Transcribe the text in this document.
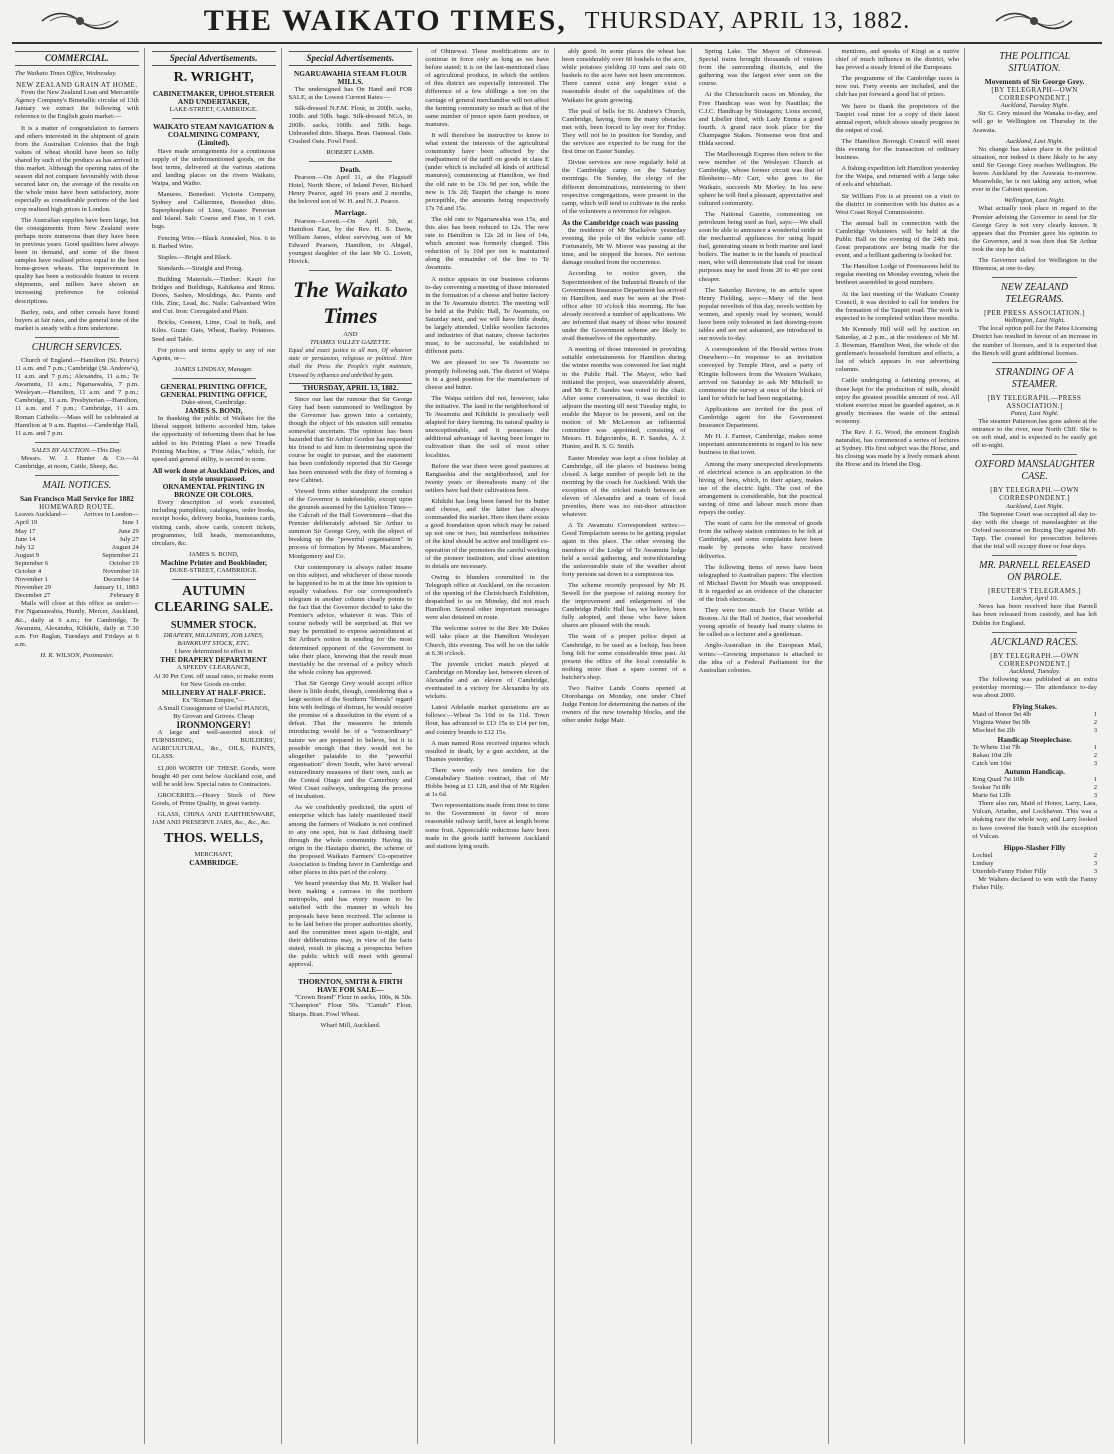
THE WAIKATO TIMES, THURSDAY, APRIL 13, 1882.
COMMERCIAL.
The Waikato Times Office, Wednesday.
NEW ZEALAND GRAIN AT HOME.

From the New Zealand Loan and Mercantile Agency Company's Bimetallic circular of 13th January we extract the following with reference to the English grain market:—

It is a matter of congratulation to farmers and others interested in the shipment of grain from the Australian Colonies that the high values of wheat should have been so fully shared by such of the produce as has arrived in this market. Although the opening rates of the season did not compare favourably with those secured later on, the average of the results on the whole must have been satisfactory, more especially as considerable portions of the last crop realized high prices in London.

The Australian supplies have been large, but the consignments from New Zealand were perhaps more numerous than they have been in previous years. Good qualities have always been in demand, and some of the finest samples have realised prices equal to the best home-grown wheats. The improvement in quality has been a noticeable feature in recent shipments, and millers have shown an increasing preference for colonial descriptions.

Barley, oats, and other cereals have found buyers at fair rates, and the general tone of the market is steady with a firm undertone.

CHURCH SERVICES.

Church of England.—Hamilton (St. Peter's) 11 a.m. and 7 p.m.; Cambridge (St. Andrew's), 11 a.m. and 7 p.m.; Alexandra, 11 a.m.; Te Awamutu, 11 a.m.; Ngaruawahia, 7 p.m. Wesleyan.—Hamilton, 11 a.m. and 7 p.m.; Cambridge, 11 a.m. Presbyterian.—Hamilton, 11 a.m. and 7 p.m.; Cambridge, 11 a.m. Roman Catholic.—Mass will be celebrated at Hamilton at 9 a.m. Baptist.—Cambridge Hall, 11 a.m. and 7 p.m.

SALES BY AUCTION.—This Day.

Messrs. W. J. Hunter & Co.—At Cambridge, at noon, Cattle, Sheep, &c.

MAIL NOTICES.
San Francisco Mail Service for 1882
HOMEWARD ROUTE.
Leaves Auckland— Arrives in London—
April 19	June 1
May 17	June 29
June 14	July 27
July 12	August 24
August 9	September 21
September 6	October 19
October 4	November 16
November 1	December 14
November 29	January 11, 1883
December 27	February 8

Mails will close at this office as under:—For Ngaruawahia, Huntly, Mercer, Auckland, &c., daily at 6 a.m.; for Cambridge, Te Awamutu, Alexandra, Kihikihi, daily at 7.30 a.m. For Raglan, Tuesdays and Fridays at 6 a.m.

H. R. WILSON, Postmaster.
Special Advertisements.
R. WRIGHT,
CABINETMAKER, UPHOLSTERER AND UNDERTAKER,
LAKE-STREET, CAMBRIDGE.
WAIKATO STEAM NAVIGATION & COALMINING COMPANY, (Limited).

Have made arrangements for a continuous supply of the undermentioned goods, on the best terms, delivered at the various stations and landing places on the rivers Waikato, Waipa, and Waiho.

Manures. Bonedust: Victoria Company, Sydney and Calltermen, Bonedust ditto. Superphosphate of Lime, Guano: Peruvian and Island. Salt: Coarse and Fine, in 1 cwt. bags.

Fencing Wire.—Black Annealed, Nos. 6 to 8. Barbed Wire.

Staples.—Bright and Black.

Standards.—Straight and Prong.

Building Materials.—Timber: Kauri for Bridges and Buildings, Kahikatea and Rimu. Doors, Sashes, Mouldings, &c. Paints and Oils. Zinc, Lead, &c. Nails: Galvanised Wire and Cut. Iron: Corrugated and Plain.

Bricks, Cement, Lime, Coal in bulk, and Kilns. Grain: Oats, Wheat, Barley. Potatoes. Seed and Table.

For prices and terms apply to any of our Agents, or—

JAMES LINDSAY, Manager.
GENERAL PRINTING OFFICE, GENERAL PRINTING OFFICE,
Duke-street, Cambridge.
JAMES S. BOND,

In thanking the public of Waikato for the liberal support hitherto accorded him, takes the opportunity of informing them that he has added to his Printing Plant a new Treadle Printing Machine, a "Fine Atlas," which, for speed and general utility, is second to none.

All work done at Auckland Prices, and in style unsurpassed.
ORNAMENTAL PRINTING IN BRONZE OR COLORS.

Every description of work executed, including pamphlets, catalogues, order books, receipt books, delivery books, business cards, visiting cards, show cards, concert tickets, programmes, bill heads, memorandums, circulars, &c.

JAMES S. BOND,
Machine Printer and Bookbinder,
DUKE-STREET, CAMBRIDGE.
AUTUMN CLEARING SALE.
SUMMER STOCK.
DRAPERY, MILLINERY, JOB LINES, BANKRUPT STOCK, ETC.
I have determined to effect in
THE DRAPERY DEPARTMENT
A SPEEDY CLEARANCE,
At 30 Per Cent. off usual rates, to make room for New Goods on order.
MILLINERY AT HALF-PRICE.
Ex "Roman Empire,"—
A Small Consignment of Useful PIANOS,
By Grovan and Groves. Cheap
IRONMONGERY!

A large and well-assorted stock of FURNISHING, BUILDERS', AGRICULTURAL, &c., OILS, PAINTS, GLASS.

£1,000 WORTH OF THESE Goods, were bought 40 per cent below Auckland cost, and will be sold low. Special rates to Contractors.

GROCERIES.—Heavy Stock of New Goods, of Prime Quality, in great variety.

GLASS, CHINA AND EARTHENWARE, JAM AND PRESERVE JARS, &c., &c., &c.

THOS. WELLS,
MERCHANT,
CAMBRIDGE.
Special Advertisements.
NGARUAWAHIA STEAM FLOUR MILLS.

The undersigned has On Hand and FOR SALE, at the Lowest Current Rates:—

Silk-dressed N.F.M. Flour, in 200lb. sacks, 100lb. and 50lb. bags. Silk-dressed NGA, in 200lb. sacks, 100lb. and 50lb. bags. Unbranded ditto. Sharps. Bran. Oatmeal. Oats. Crushed Oats. Fowl Feed.

ROBERT LAMB.
Death.

Pearson.—On April 11, at the Flagstaff Hotel, North Shore, of Inland Fever, Richard Henry Pearce, aged 16 years and 2 months, the beloved son of W. H. and N. J. Pearce.

Marriage.

Pearson—Lovett.—On April 5th, at Hamilton East, by the Rev. H. S. Davis, William James, eldest surviving son of Mr Edward Pearson, Hamilton, to Abigail, youngest daughter of the late Mr G. Lovett, Hovick.

The Waikato Times
AND
THAMES VALLEY GAZETTE.
Equal and exact justice to all men, Of whatever state or persuasion, religious or political. Here shall the Press the People's right maintain, Unawed by influence and unbribed by gain.
THURSDAY, APRIL 13, 1882.

Since our last the rumour that Sir George Grey had been summoned to Wellington by the Governor has grown into a certainty, though the object of his mission still remains somewhat uncertain. The opinion has been hazarded that Sir Arthur Gordon has requested his friend to aid him in determining upon the course he ought to pursue, and the statement has been confidently reported that Sir George has been entrusted with the duty of forming a new Cabinet.

Viewed from either standpoint the conduct of the Governor is indefensible, except upon the grounds assumed by the Lyttelton Times—the Calcraft of the Hall Government—that the Premier deliberately advised Sir Arthur to summon Sir George Grey, with the object of breaking up the "powerful organisation" in process of formation by Messrs. Macandrew, Montgomery and Co.

Our contemporary is always rather insane on this subject, and whichever of these moods he happened to be in at the time his opinion is equally valueless. For our correspondent's telegram in another column clearly points to the fact that the Governor decided to take the Premier's advice, whatever it was. This of course nobody will be surprised at. But we may be permitted to express astonishment at Sir Arthur's notion in sending for the most determined opponent of the Government to take their place, knowing that the result must inevitably be the reversal of a policy which the whole colony has approved.

That Sir George Grey would accept office there is little doubt, though, considering that a large section of the Southern "liberals" regard him with feelings of distrust, he would receive the promise of a dissolution in the event of a defeat. That the measures he intends introducing would be of a "extraordinary" nature we are prepared to believe, but it is possible enough that they would not be altogether palatable to the "powerful organisation" down South, who have several extraordinary measures of their own, such as the Central Otago and the Canterbury and West Coast railways, undergoing the process of incubation.

As we confidently predicted, the spirit of enterprise which has lately manifested itself among the farmers of Waikato is not confined to any one spot, but is fast diffusing itself through the whole community. Having its origin in the Hautapu district, the scheme of the proposed Waikato Farmers' Co-operative Association is finding favor in Cambridge and other places in this part of the colony.

We heard yesterday that Mr. H. Walker had been making a canvass in the northern metropolis, and has every reason to be satisfied with the manner in which his proposals have been received. The scheme is to be laid before the proper authorities shortly, and the committee meet again to-night, and their deliberations may, in view of the facts stated, result in placing a prospectus before the public which will meet with general approval.

THORNTON, SMITH & FIRTH HAVE FOR SALE—

"Crown Brand" Flour in sacks, 100s, & 50s. "Champion" Flour 50s. "Cantab" Flour. Sharps. Bran. Fowl Wheat.

Wharf Mill, Auckland.

of Ohinewai. These modifications are to continue in force only as long as we have before stated; it is on the last-mentioned class of agricultural produce, in which the settlers of this district are especially interested. The difference of a few shillings a ton on the carriage of general merchandise will not affect the farming community so much as that of the same number of pence upon farm produce, or manures.

It will therefore be instructive to know to what extent the interests of the agricultural community have been affected by the readjustment of the tariff on goods in class E (under which is included all kinds of artificial manures), commencing at Hamilton, we find the old rate to be 13s 9d per ton, while the new is 13s 2d; Taupiri the change is more perceptible, the amounts being respectively 17s 7d and 15s.

The old rate to Ngaruawahia was 15s, and this also has been reduced to 12s. The new rate to Hamilton is 12s 2d in lieu of 14s, which amount was formerly charged. This reduction of 1s 10d per ton is maintained along the remainder of the line to Te Awamutu.

A notice appears in our business columns to-day convening a meeting of those interested in the formation of a cheese and butter factory in the Te Awamutu district. The meeting will be held at the Public Hall, Te Awamutu, on Saturday next, and we will have little doubt, be largely attended. Unlike woollen factories and industries of that nature, cheese factories must, to be successful, be established in different parts.

We are pleased to see Te Awamutu so promptly following suit. The district of Waipa is in a good position for the manufacture of cheese and butter.

The Waipa settlers did not, however, take the initiative. The land in the neighborhood of Te Awamutu and Kihikihi is peculiarly well adapted for dairy farming. Its natural quality is unexceptionable, and it possesses the additional advantage of having been longer in cultivation than the soil of most other localities.

Before the war there were good pastures at Rangiaohia and the neighborhood, and for twenty years or thereabouts many of the settlers have had their cultivations here.

Kihikihi has long been famed for its butter and cheese, and the latter has always commanded the market. Here then there exists a good foundation upon which may be raised up not one or two, but numberless industries of the kind should be active and intelligent co-operation of the promoters the careful working of the pioneer institution, and close attention to details are necessary.

Owing to blunders committed in the Telegraph office at Auckland, on the occasion of the opening of the Christchurch Exhibition, despatched to us on Monday, did not reach Hamilton. Several other important messages were also detained en route.

The welcome soiree to the Rev Mr Dukes will take place at the Hamilton Wesleyan Church, this evening. Tea will be on the table at 6.30 o'clock.

The juvenile cricket match played at Cambridge on Monday last, between eleven of Alexandra and an eleven of Cambridge, eventuated in a victory for Alexandra by six wickets.

Latest Adelaide market quotations are as follows:—Wheat 5s 10d to 6s 11d. Town flour, has advanced to £13 15s to £14 per ton, and country brands to £12 15s.

A man named Ross received injuries which resulted in death, by a gun accident, at the Thames yesterday.

There were only two tenders for the Constabulary Station contract, that of Mr Hobbs being at £1 128, and that of Mr Rigden at 1s 6d.

Two representations made from time to time to the Government in favor of more reasonable railway tariff, have at length borne some fruit. Appreciable reductions have been made in the goods tariff between Auckland and stations lying south.

ably good. In some places the wheat has been considerably over 60 bushels to the acre, while potatoes yielding 10 tons and oats 60 bushels to the acre have not been uncommon. There cannot exist any longer exist a reasonable doubt of the capabilities of the Waikato for grain growing.

The peal of bells for St. Andrew's Church, Cambridge, having, from the many obstacles met with, been forced to lay over for Friday. They will not be in position for Sunday, and the services are expected to be rung for the first time on Easter Sunday.

Divine services are now regularly held at the Cambridge camp on the Saturday mornings. On Sunday, the clergy of the different denominations, ministering to their respective congregations, were present in the camp, which will tend to cultivate in the ranks of the volunteers a reverence for religion.

As the Cambridge coach was passing

the residence of Mr Mackelvie yesterday evening, the pole of the vehicle came off. Fortunately, Mr W. Moore was passing at the time, and he stopped the horses. No serious damage resulted from the occurrence.

According to notice given, the Superintendent of the Industrial Branch of the Government Insurance Department has arrived in Hamilton, and may be seen at the Post-office after 10 o'clock this morning. He has already received a number of applications. We are informed that many of those who insured under the Government scheme are likely to avail themselves of the opportunity.

A meeting of those interested in providing suitable entertainments for Hamilton during the winter months was convened for last night in the Public Hall. The Mayor, who had initiated the project, was unavoidably absent, and Mr R. F. Sandes was voted to the chair. After some conversation, it was decided to adjourn the meeting till next Tuesday night, to enable the Mayor to be present, and on the motion of Mr McLernon an influential committee was appointed, consisting of Messrs. H. Edgecumbe, R. F. Sandes, A. J. Hunter, and R. S. G. Smith.

Easter Monday was kept a close holiday at Cambridge, all the places of business being closed. A large number of people left in the morning by the coach for Auckland. With the exception of the cricket match between an eleven of Alexandra and a team of local juveniles, there was no out-door attraction whatever.

A Te Awamutu Correspondent writes:—Good Templarism seems to be getting popular again in this place. The other evening the members of the Lodge of Te Awamutu lodge held a social gathering, and notwithstanding the unfavourable state of the weather about forty persons sat down to a sumptuous tea.

The scheme recently proposed by Mr H. Sewell for the purpose of raising money for the improvement and enlargement of the Cambridge Public Hall has, we believe, been fully adopted, and those who have taken shares are pleased with the result.

The want of a proper police depot at Cambridge, to be used as a lockup, has been long felt for some considerable time past. At present the office of the local constable is nothing more than a spare corner of a butcher's shop.

Two Native Lands Courts opened at Otorohanga on Monday, one under Chief Judge Fenton for determining the names of the owners of the new township blocks, and the other under Judge Mair.

Spring Lake. The Mayor of Ohinewai. Special trains brought thousands of visitors from the surrounding districts, and the gathering was the largest ever seen on the course.

At the Christchurch races on Monday, the Free Handicap was won by Nautilus; the C.J.C. Handicap by Stratagem; Lions second, and Libeller third, with Lady Emma a good fourth. A grand race took place for the Champagne Stakes. Nonsense won first and Hilda second.

The Marlborough Express then refers to the new member of the Wesleyan Church at Cambridge, whose former circuit was that of Blenheim:—Mr Carr, who goes to the Waikato, succeeds Mr Morley. In his new sphere he will find a pleasant, appreciative and cultured community.

The National Gazette, commenting on petroleum being used as fuel, says:—We shall soon be able to announce a wonderful stride in the mechanical appliances for using liquid fuel, generating steam in both marine and land boilers. The matter is in the hands of practical men, who will demonstrate that coal for steam purposes may be used from 20 to 40 per cent cheaper.

The Saturday Review, in an article upon Henry Fielding, says:—Many of the best popular novelists of this day, novels written by women, and openly read by women, would have been only tolerated in fast drawing-room tables and are not ashamed, are introduced in our novels to-day.

A correspondent of the Herald writes from Onewhero:—In response to an invitation conveyed by Temple Hirst, and a party of Kingite followers from the Western Waikato, arrived on Saturday to ask Mr Mitchell to commence the survey at once of the block of land for which he had been negotiating.

Applications are invited for the post of Cambridge agent for the Government Insurance Department.

Mr H. J. Farmer, Cambridge, makes some important announcements in regard to his new business in that town.

Among the many unexpected developments of electrical science is an application to the hiving of bees, which, in their apiary, makes use of the electric light. The cost of the arrangement is considerable, but the practical saving of time and labour much more than repays the outlay.

The want of carts for the removal of goods from the railway station continues to be felt at Cambridge, and some complaints have been made by persons who have received deliveries.

The following items of news have been telegraphed to Australian papers: The election of Michael Davitt for Meath was unopposed. It is regarded as an evidence of the character of the Irish electorate.

They were too much for Oscar Wilde at Boston. At the Hall of Justice, that wonderful young apostle of beauty had many claims to be called as a lecturer and a gentleman.

Anglo-Australian in the European Mail, writes:—Growing importance is attached to the idea of a Federal Parliament for the Australian colonies.

mentions, and speaks of Kingi as a native chief of much influence in the district, who has proved a steady friend of the Europeans.

The programme of the Cambridge races is now out. Forty events are included, and the club has put forward a good list of prizes.

We have to thank the proprietors of the Taupiri coal mine for a copy of their latest annual report, which shows steady progress in the output of coal.

The Hamilton Borough Council will meet this evening for the transaction of ordinary business.

A fishing expedition left Hamilton yesterday for the Waipa, and returned with a large take of eels and whitebait.

Sir William Fox is at present on a visit to the district in connection with his duties as a West Coast Royal Commissioner.

The annual ball in connection with the Cambridge Volunteers will be held at the Public Hall on the evening of the 24th inst. Great preparations are being made for the event, and a brilliant gathering is looked for.

The Hamilton Lodge of Freemasons held its regular meeting on Monday evening, when the brethren assembled in good numbers.

At the last meeting of the Waikato County Council, it was decided to call for tenders for the formation of the Taupiri road. The work is expected to be completed within three months.

Mr Kennedy Hill will sell by auction on Saturday, at 2 p.m., at the residence of Mr M. J. Bowman, Hamilton West, the whole of the gentleman's household furniture and effects, a list of which appears in our advertising columns.

Cattle undergoing a fattening process, at those kept for the production of milk, should enjoy the greatest possible amount of rest. All violent exercise must be guarded against, as it greatly increases the waste of the animal economy.

The Rev. J. G. Wood, the eminent English naturalist, has commenced a series of lectures at Sydney. His first subject was the Horse, and his closing was made by a lively remark about the Horse and its friend the Dog.

THE POLITICAL SITUATION.
Movements of Sir George Grey.
[BY TELEGRAPH—OWN CORRESPONDENT.]
Auckland, Tuesday Night.

Sir G. Grey missed the Wanaka to-day, and will go to Wellington on Thursday in the Arawata.

Auckland, Last Night.

No change has taken place in the political situation, nor indeed is there likely to be any until Sir George Grey reaches Wellington. He leaves Auckland by the Arawata to-morrow. Meanwhile, he is not taking any action, what ever in the Cabinet question.

Wellington, Last Night.

What actually took place in regard to the Premier advising the Governor to send for Sir George Grey is not very clearly known. It appears that the Premier gave his opinion to the Governor, and it was then that Sir Arthur took the step he did.

The Governor sailed for Wellington in the Hinemoa, at one to-day.

NEW ZEALAND TELEGRAMS.
[PER PRESS ASSOCIATION.]
Wellington, Last Night.

The local option poll for the Patea Licensing District has resulted in favour of an increase in the number of licenses, and it is expected that the Bench will grant additional licenses.

STRANDING OF A STEAMER.
[BY TELEGRAPH.—PRESS ASSOCIATION.]
Patea, Last Night.

The steamer Patterson has gone ashore at the entrance to the river, near North Cliff. She is on soft mud, and is expected to be easily got off to-night.

OXFORD MANSLAUGHTER CASE.
[BY TELEGRAPH.—OWN CORRESPONDENT.]
Auckland, Last Night.

The Supreme Court was occupied all day to-day with the charge of manslaughter at the Oxford racecourse on Boxing Day against Mr. Tapp. The counsel for prosecution believes that the trial will occupy three or four days.

MR. PARNELL RELEASED ON PAROLE.
[REUTER'S TELEGRAMS.]
London, April 10.

News has been received here that Parnell has been released from custody, and has left Dublin for England.

AUCKLAND RACES.
[BY TELEGRAPH.—OWN CORRESPONDENT.]
Auckland, Tuesday.

The following was published at an extra yesterday morning:— The attendance to-day was about 2000.

Flying Stakes.
Maid of Honor 9st 4lb	1
Virginia Water 9st 9lb	2
Mischief 8st 2lb	3
Handicap Steeplechase.
Te Whetu 11st 7lb	1
Rakau 10st 2lb	2
Catch 'em 10st	3
Autumn Handicap.
King Quail 7st 10lb	1
Soukar 7st 8lb	2
Marie 6st 12lb	3

There also ran, Maid of Honor, Larry, Lara, Vulcan, Ariadne, and Lockhaven. This was a shaking race the whole way, and Larry looked to have covered the bunch with the exception of Vulcan.

Hippo-Slasher Filly
Lochiel	2
Lindsay	3
Utterdelt-Fanny Fisher Filly	3

Mr Walters declared to win with the Fanny Fisher Filly.
